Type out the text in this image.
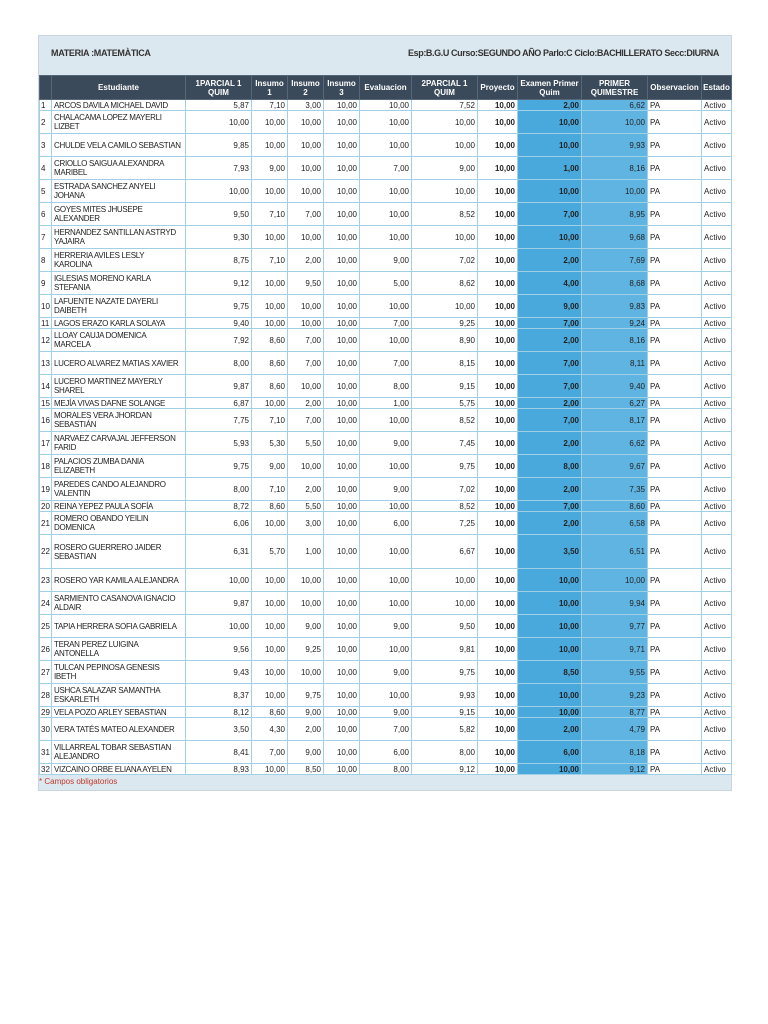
MATERIA :MATEMÀTICA	Esp:B.G.U Curso:SEGUNDO AÑO Parlo:C Ciclo:BACHILLERATO Secc:DIURNA
	Estudiante	1PARCIAL 1 QUIM	Insumo 1	Insumo 2	Insumo 3	Evaluacion	2PARCIAL 1 QUIM	Proyecto	Examen Primer Quim	PRIMER QUIMESTRE	Observacion	Estado
1	ARCOS DAVILA MICHAEL DAVID	5,87	7,10	3,00	10,00	10,00	7,52	10,00	2,00	6,62	PA	Activo
2	CHALACAMA LOPEZ MAYERLI LIZBET	10,00	10,00	10,00	10,00	10,00	10,00	10,00	10,00	10,00	PA	Activo
3	CHULDE VELA CAMILO SEBASTIAN	9,85	10,00	10,00	10,00	10,00	10,00	10,00	10,00	9,93	PA	Activo
4	CRIOLLO SAIGUA ALEXANDRA MARIBEL	7,93	9,00	10,00	10,00	7,00	9,00	10,00	1,00	8,16	PA	Activo
5	ESTRADA SANCHEZ ANYELI JOHANA	10,00	10,00	10,00	10,00	10,00	10,00	10,00	10,00	10,00	PA	Activo
6	GOYES MITES JHUSEPE ALEXANDER	9,50	7,10	7,00	10,00	10,00	8,52	10,00	7,00	8,95	PA	Activo
7	HERNANDEZ SANTILLAN ASTRYD YAJAIRA	9,30	10,00	10,00	10,00	10,00	10,00	10,00	10,00	9,68	PA	Activo
8	HERRERIA AVILES LESLY KAROLINA	8,75	7,10	2,00	10,00	9,00	7,02	10,00	2,00	7,69	PA	Activo
9	IGLESIAS MORENO KARLA STEFANIA	9,12	10,00	9,50	10,00	5,00	8,62	10,00	4,00	8,68	PA	Activo
10	LAFUENTE NAZATE DAYERLI DAIBETH	9,75	10,00	10,00	10,00	10,00	10,00	10,00	9,00	9,83	PA	Activo
11	LAGOS ERAZO KARLA SOLAYA	9,40	10,00	10,00	10,00	7,00	9,25	10,00	7,00	9,24	PA	Activo
12	LLOAY CAUJA DOMENICA MARCELA	7,92	8,60	7,00	10,00	10,00	8,90	10,00	2,00	8,16	PA	Activo
13	LUCERO ALVAREZ MATIAS XAVIER	8,00	8,60	7,00	10,00	7,00	8,15	10,00	7,00	8,11	PA	Activo
14	LUCERO MARTINEZ MAYERLY SHAREL	9,87	8,60	10,00	10,00	8,00	9,15	10,00	7,00	9,40	PA	Activo
15	MEJÍA VIVAS DAFNE SOLANGE	6,87	10,00	2,00	10,00	1,00	5,75	10,00	2,00	6,27	PA	Activo
16	MORALES VERA JHORDAN SEBASTIÁN	7,75	7,10	7,00	10,00	10,00	8,52	10,00	7,00	8,17	PA	Activo
17	NARVAEZ CARVAJAL JEFFERSON FARID	5,93	5,30	5,50	10,00	9,00	7,45	10,00	2,00	6,62	PA	Activo
18	PALACIOS ZUMBA DANIA ELIZABETH	9,75	9,00	10,00	10,00	10,00	9,75	10,00	8,00	9,67	PA	Activo
19	PAREDES CANDO ALEJANDRO VALENTIN	8,00	7,10	2,00	10,00	9,00	7,02	10,00	2,00	7,35	PA	Activo
20	REINA YEPEZ PAULA SOFÍA	8,72	8,60	5,50	10,00	10,00	8,52	10,00	7,00	8,60	PA	Activo
21	ROMERO OBANDO YEILIN DOMENICA	6,06	10,00	3,00	10,00	6,00	7,25	10,00	2,00	6,58	PA	Activo
22	ROSERO GUERRERO JAIDER SEBASTIAN	6,31	5,70	1,00	10,00	10,00	6,67	10,00	3,50	6,51	PA	Activo
23	ROSERO YAR KAMILA ALEJANDRA	10,00	10,00	10,00	10,00	10,00	10,00	10,00	10,00	10,00	PA	Activo
24	SARMIENTO CASANOVA IGNACIO ALDAIR	9,87	10,00	10,00	10,00	10,00	10,00	10,00	10,00	9,94	PA	Activo
25	TAPIA HERRERA SOFIA GABRIELA	10,00	10,00	9,00	10,00	9,00	9,50	10,00	10,00	9,77	PA	Activo
26	TERAN PEREZ LUIGINA ANTONELLA	9,56	10,00	9,25	10,00	10,00	9,81	10,00	10,00	9,71	PA	Activo
27	TULCAN PEPINOSA GENESIS IBETH	9,43	10,00	10,00	10,00	9,00	9,75	10,00	8,50	9,55	PA	Activo
28	USHCA SALAZAR SAMANTHA ESKARLETH	8,37	10,00	9,75	10,00	10,00	9,93	10,00	10,00	9,23	PA	Activo
29	VELA POZO ARLEY SEBASTIAN	8,12	8,60	9,00	10,00	9,00	9,15	10,00	10,00	8,77	PA	Activo
30	VERA TATÉS MATEO ALEXANDER	3,50	4,30	2,00	10,00	7,00	5,82	10,00	2,00	4,79	PA	Activo
31	VILLARREAL TOBAR SEBASTIAN ALEJANDRO	8,41	7,00	9,00	10,00	6,00	8,00	10,00	6,00	8,18	PA	Activo
32	VIZCAINO ORBE ELIANA AYELEN	8,93	10,00	8,50	10,00	8,00	9,12	10,00	10,00	9,12	PA	Activo
* Campos obligatorios
